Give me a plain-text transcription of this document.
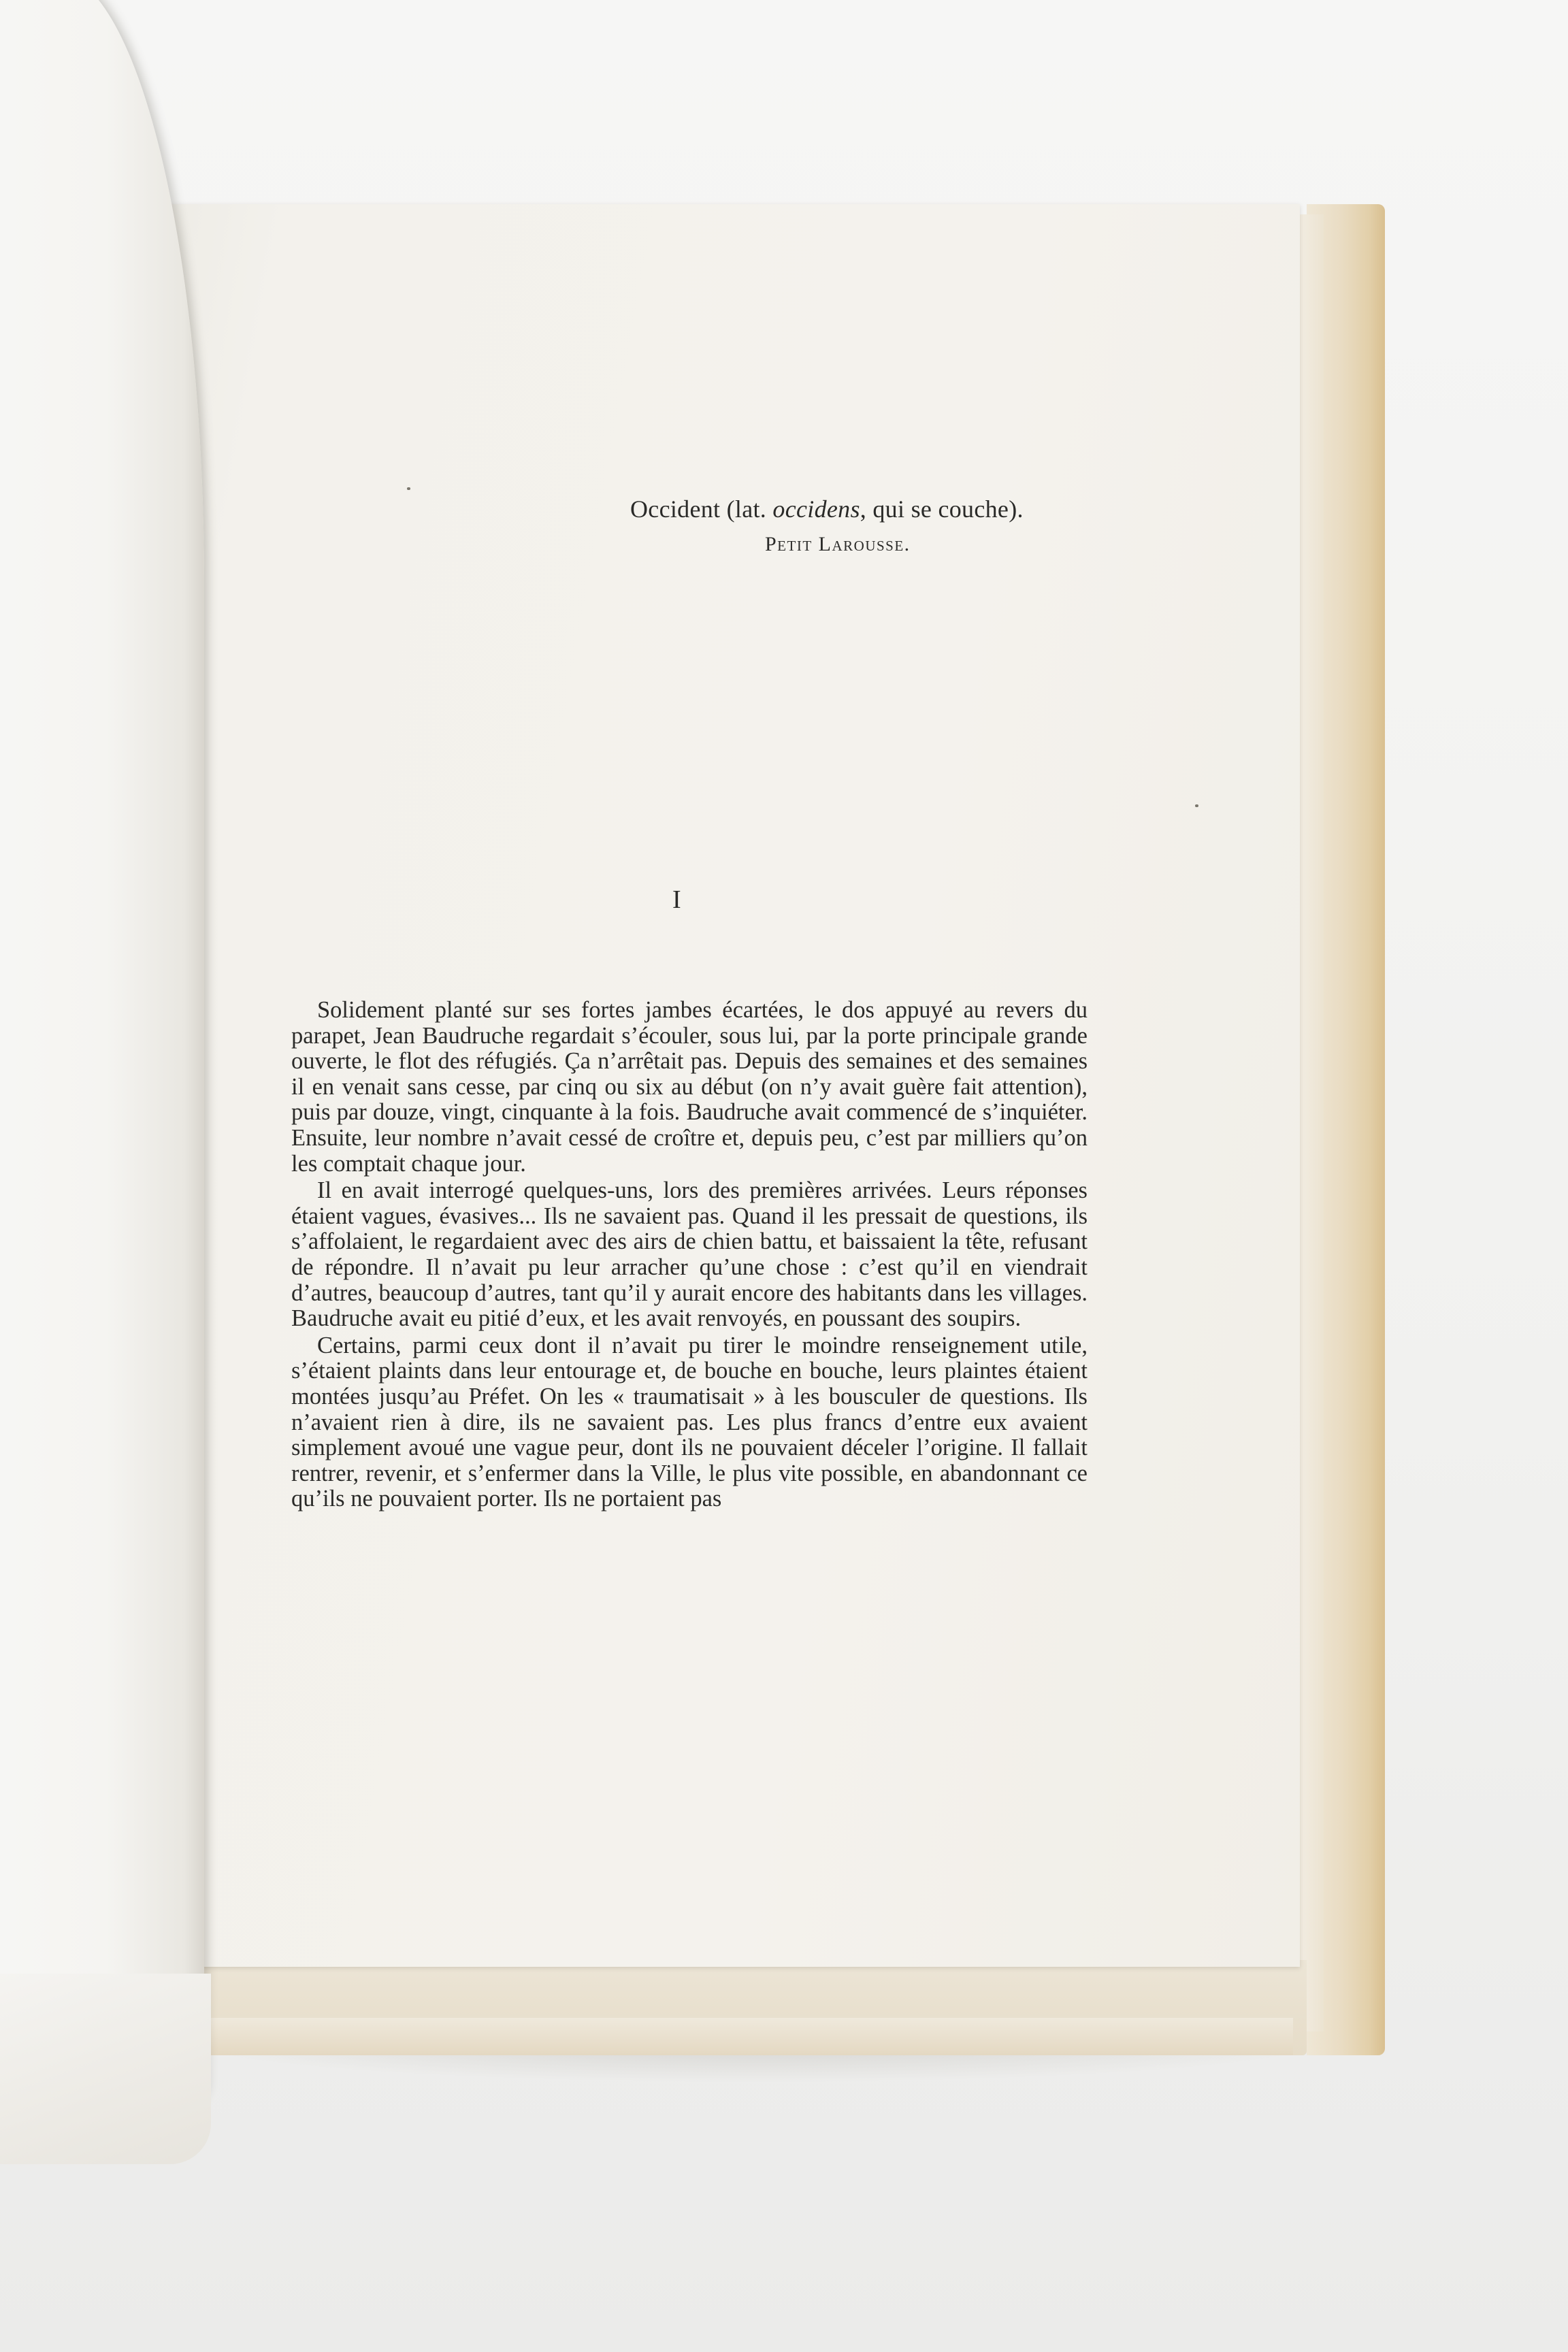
Occident (lat. occidens, qui se couche).
Petit Larousse.
I

Solidement planté sur ses fortes jambes écartées, le dos appuyé au revers du parapet, Jean Baudruche regardait s’écouler, sous lui, par la porte principale grande ouverte, le flot des réfugiés. Ça n’arrêtait pas. Depuis des semaines et des semaines il en venait sans cesse, par cinq ou six au début (on n’y avait guère fait attention), puis par douze, vingt, cinquante à la fois. Baudruche avait commencé de s’inquiéter. Ensuite, leur nombre n’avait cessé de croître et, depuis peu, c’est par milliers qu’on les comptait chaque jour.

Il en avait interrogé quelques-uns, lors des premières arrivées. Leurs réponses étaient vagues, évasives... Ils ne savaient pas. Quand il les pressait de questions, ils s’affolaient, le regardaient avec des airs de chien battu, et baissaient la tête, refusant de répondre. Il n’avait pu leur arracher qu’une chose : c’est qu’il en viendrait d’autres, beaucoup d’autres, tant qu’il y aurait encore des habitants dans les villages. Baudruche avait eu pitié d’eux, et les avait renvoyés, en poussant des soupirs.

Certains, parmi ceux dont il n’avait pu tirer le moindre renseignement utile, s’étaient plaints dans leur entourage et, de bouche en bouche, leurs plaintes étaient montées jusqu’au Préfet. On les « traumatisait » à les bousculer de questions. Ils n’avaient rien à dire, ils ne savaient pas. Les plus francs d’entre eux avaient simplement avoué une vague peur, dont ils ne pouvaient déceler l’origine. Il fallait rentrer, revenir, et s’enfermer dans la Ville, le plus vite possible, en abandonnant ce qu’ils ne pouvaient porter. Ils ne portaient pas
